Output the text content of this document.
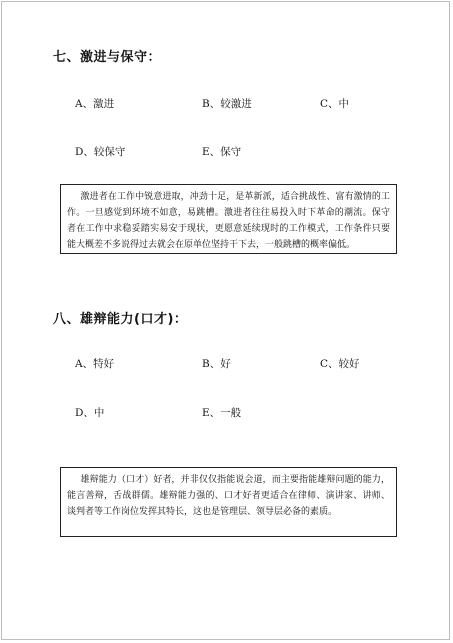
七、激进与保守：
A、激进	B、较激进	C、中
D、较保守	E、保守
激进者在工作中锐意进取，冲劲十足，是革新派，适合挑战性、富有激情的工作。一旦感觉到环境不如意，易跳槽。激进者往往易投入时下革命的潮流。保守者在工作中求稳妥踏实易安于现状，更愿意延续现时的工作模式，工作条件只要能大概差不多说得过去就会在原单位坚持干下去，一般跳槽的概率偏低。
八、雄辩能力(口才)：
A、特好	B、好	C、较好
D、中	E、一般
雄辩能力（口才）好者，并非仅仅指能说会道，而主要指能雄辩问题的能力，能言善辩，舌战群儒。雄辩能力强的、口才好者更适合在律师、演讲家、讲师、谈判者等工作岗位发挥其特长，这也是管理层、领导层必备的素质。
